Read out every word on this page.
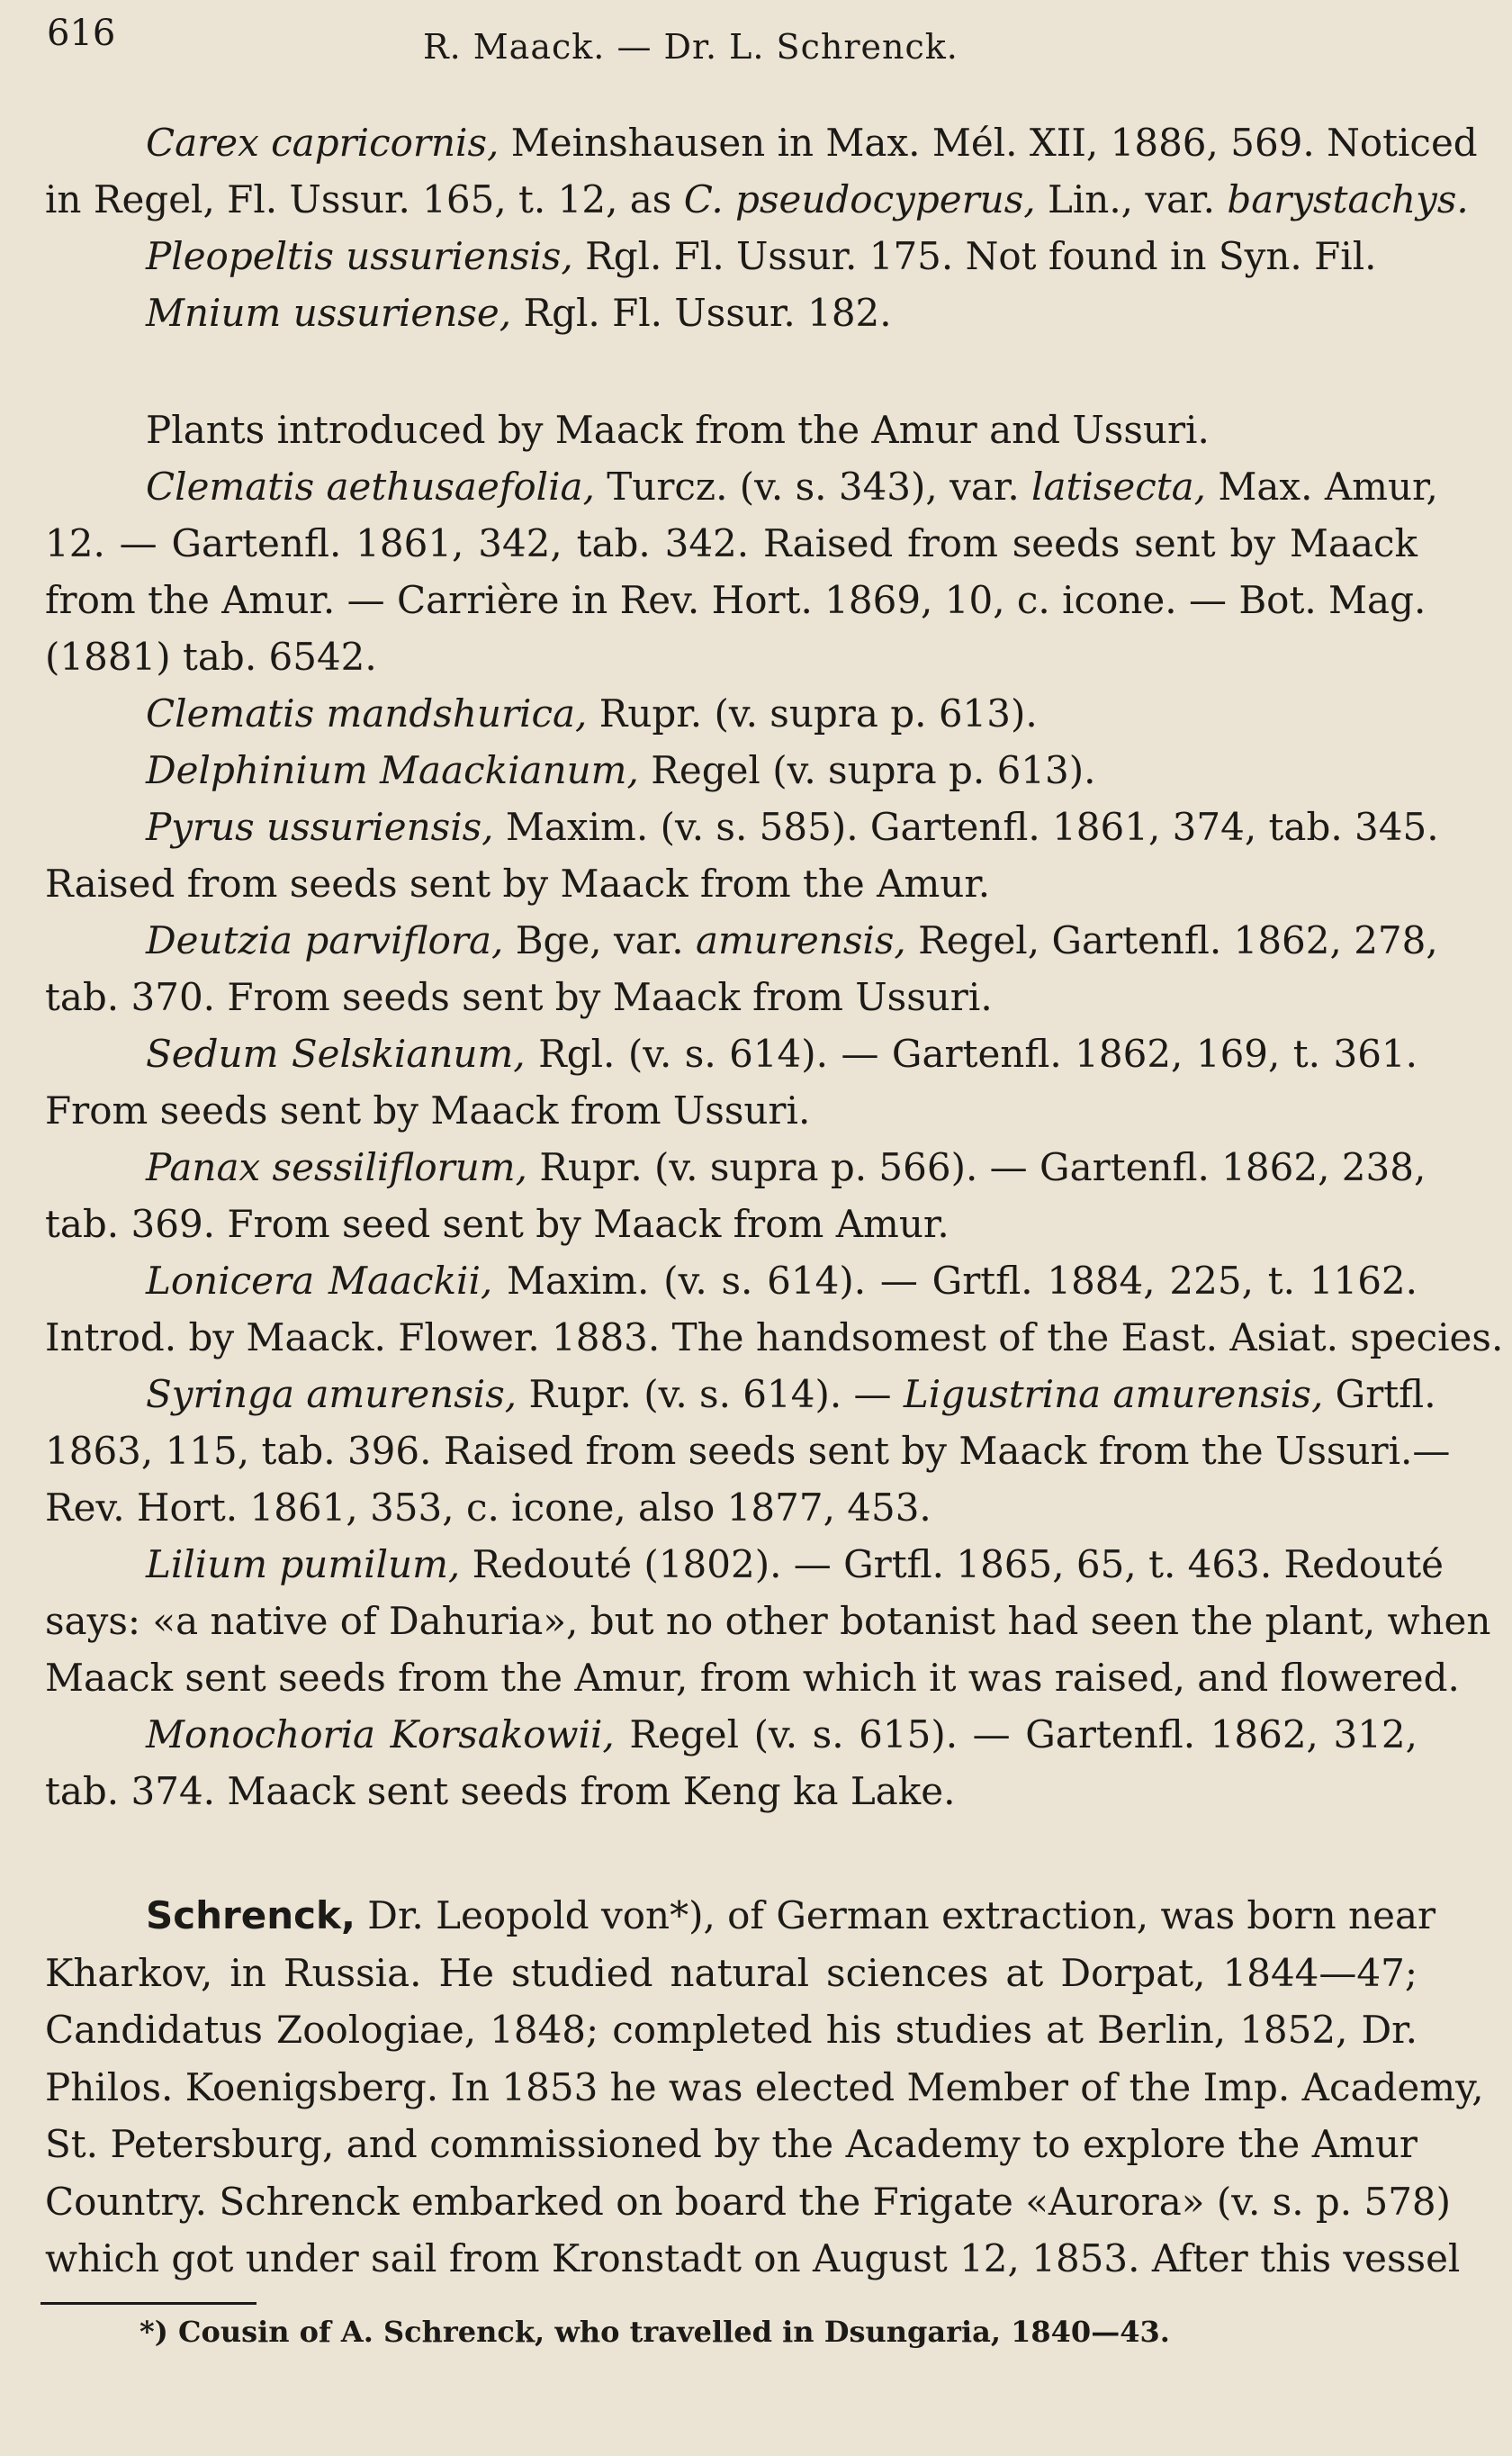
616	R. Maack. — Dr. L. Schrenck.
Carex capricornis, Meinshausen in Max. Mél. XII, 1886, 569. Noticed
in Regel, Fl. Ussur. 165, t. 12, as C. pseudocyperus, Lin., var. barystachys.
Pleopeltis ussuriensis, Rgl. Fl. Ussur. 175. Not found in Syn. Fil.
Mnium ussuriense, Rgl. Fl. Ussur. 182.
Plants introduced by Maack from the Amur and Ussuri.
Clematis aethusaefolia, Turcz. (v. s. 343), var. latisecta, Max. Amur,
12. — Gartenfl. 1861, 342, tab. 342. Raised from seeds sent by Maack
from the Amur. — Carrière in Rev. Hort. 1869, 10, c. icone. — Bot. Mag.
(1881) tab. 6542.
Clematis mandshurica, Rupr. (v. supra p. 613).
Delphinium Maackianum, Regel (v. supra p. 613).
Pyrus ussuriensis, Maxim. (v. s. 585). Gartenfl. 1861, 374, tab. 345.
Raised from seeds sent by Maack from the Amur.
Deutzia parviflora, Bge, var. amurensis, Regel, Gartenfl. 1862, 278,
tab. 370. From seeds sent by Maack from Ussuri.
Sedum Selskianum, Rgl. (v. s. 614). — Gartenfl. 1862, 169, t. 361.
From seeds sent by Maack from Ussuri.
Panax sessiliflorum, Rupr. (v. supra p. 566). — Gartenfl. 1862, 238,
tab. 369. From seed sent by Maack from Amur.
Lonicera Maackii, Maxim. (v. s. 614). — Grtfl. 1884, 225, t. 1162.
Introd. by Maack. Flower. 1883. The handsomest of the East. Asiat. species.
Syringa amurensis, Rupr. (v. s. 614). — Ligustrina amurensis, Grtfl.
1863, 115, tab. 396. Raised from seeds sent by Maack from the Ussuri.—
Rev. Hort. 1861, 353, c. icone, also 1877, 453.
Lilium pumilum, Redouté (1802). — Grtfl. 1865, 65, t. 463. Redouté
says: «a native of Dahuria», but no other botanist had seen the plant, when
Maack sent seeds from the Amur, from which it was raised, and flowered.
Monochoria Korsakowii, Regel (v. s. 615). — Gartenfl. 1862, 312,
tab. 374. Maack sent seeds from Keng ka Lake.
Schrenck, Dr. Leopold von*), of German extraction, was born near
Kharkov, in Russia. He studied natural sciences at Dorpat, 1844—47;
Candidatus Zoologiae, 1848; completed his studies at Berlin, 1852, Dr.
Philos. Koenigsberg. In 1853 he was elected Member of the Imp. Academy,
St. Petersburg, and commissioned by the Academy to explore the Amur
Country. Schrenck embarked on board the Frigate «Aurora» (v. s. p. 578)
which got under sail from Kronstadt on August 12, 1853. After this vessel
*) Cousin of A. Schrenck, who travelled in Dsungaria, 1840—43.
